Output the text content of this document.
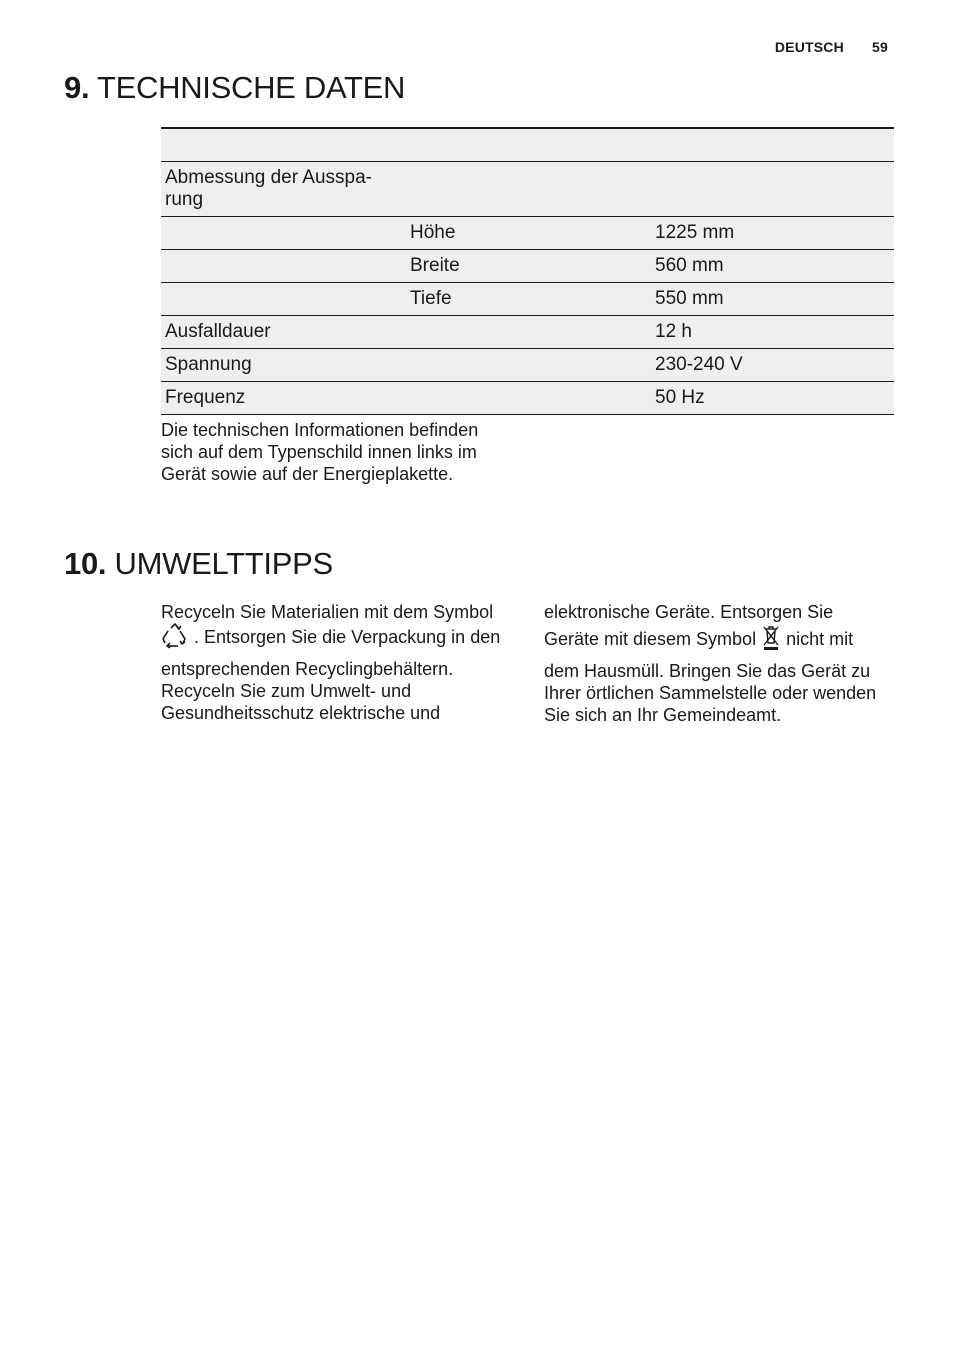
DEUTSCH 59
9. TECHNISCHE DATEN

Abmessung der Ausspa-
rung		
	Höhe	1225 mm
	Breite	560 mm
	Tiefe	550 mm
Ausfalldauer		12 h
Spannung		230-240 V
Frequenz		50 Hz
Die technischen Informationen befinden sich auf dem Typenschild innen links im Gerät sowie auf der Energieplakette.
10. UMWELTTIPPS

Recyceln Sie Materialien mit dem Symbol

. Entsorgen Sie die Verpackung in den

entsprechenden Recyclingbehältern. Recyceln Sie zum Umwelt- und Gesundheitsschutz elektrische und

elektronische Geräte. Entsorgen Sie

Geräte mit diesem Symbol nicht mit

dem Hausmüll. Bringen Sie das Gerät zu Ihrer örtlichen Sammelstelle oder wenden Sie sich an Ihr Gemeindeamt.
